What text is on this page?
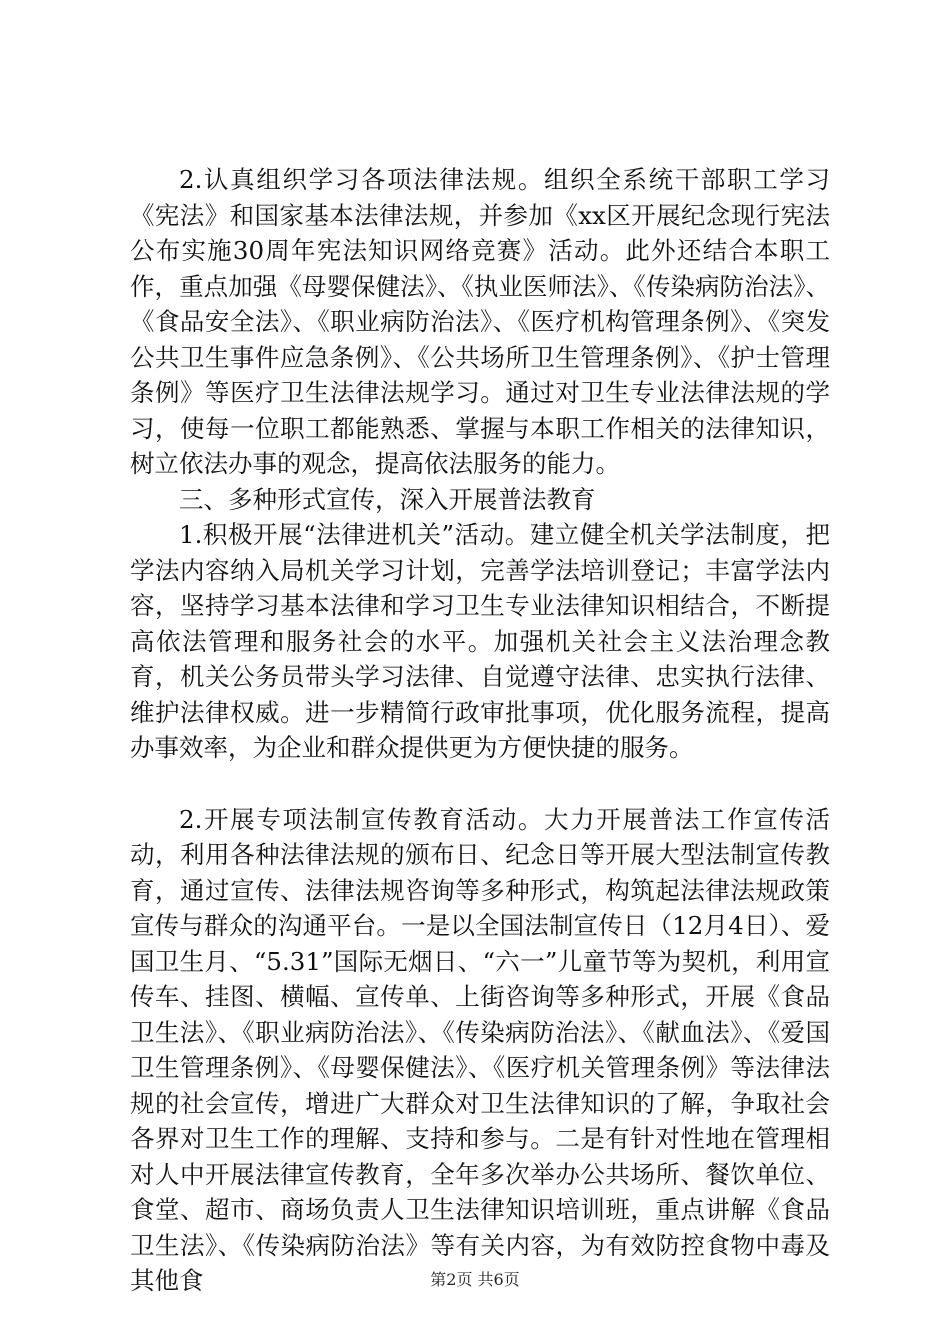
2.认真组织学习各项法律法规。组织全系统干部职工学习《宪法》和国家基本法律法规，并参加《xx区开展纪念现行宪法公布实施30周年宪法知识网络竞赛》活动。此外还结合本职工作，重点加强《母婴保健法》、《执业医师法》、《传染病防治法》、《食品安全法》、《职业病防治法》、《医疗机构管理条例》、《突发公共卫生事件应急条例》、《公共场所卫生管理条例》、《护士管理条例》等医疗卫生法律法规学习。通过对卫生专业法律法规的学习，使每一位职工都能熟悉、掌握与本职工作相关的法律知识，树立依法办事的观念，提高依法服务的能力。

三、多种形式宣传，深入开展普法教育

1.积极开展“法律进机关”活动。建立健全机关学法制度，把学法内容纳入局机关学习计划，完善学法培训登记；丰富学法内容，坚持学习基本法律和学习卫生专业法律知识相结合，不断提高依法管理和服务社会的水平。加强机关社会主义法治理念教育，机关公务员带头学习法律、自觉遵守法律、忠实执行法律、维护法律权威。进一步精简行政审批事项，优化服务流程，提高办事效率，为企业和群众提供更为方便快捷的服务。

2.开展专项法制宣传教育活动。大力开展普法工作宣传活动，利用各种法律法规的颁布日、纪念日等开展大型法制宣传教育，通过宣传、法律法规咨询等多种形式，构筑起法律法规政策宣传与群众的沟通平台。一是以全国法制宣传日（12月4日）、爱国卫生月、“5.31”国际无烟日、“六一”儿童节等为契机，利用宣传车、挂图、横幅、宣传单、上街咨询等多种形式，开展《食品卫生法》、《职业病防治法》、《传染病防治法》、《献血法》、《爱国卫生管理条例》、《母婴保健法》、《医疗机关管理条例》等法律法规的社会宣传，增进广大群众对卫生法律知识的了解，争取社会各界对卫生工作的理解、支持和参与。二是有针对性地在管理相对人中开展法律宣传教育，全年多次举办公共场所、餐饮单位、食堂、超市、商场负责人卫生法律知识培训班，重点讲解《食品卫生法》、《传染病防治法》等有关内容，为有效防控食物中毒及其他食	第2页 共6页
